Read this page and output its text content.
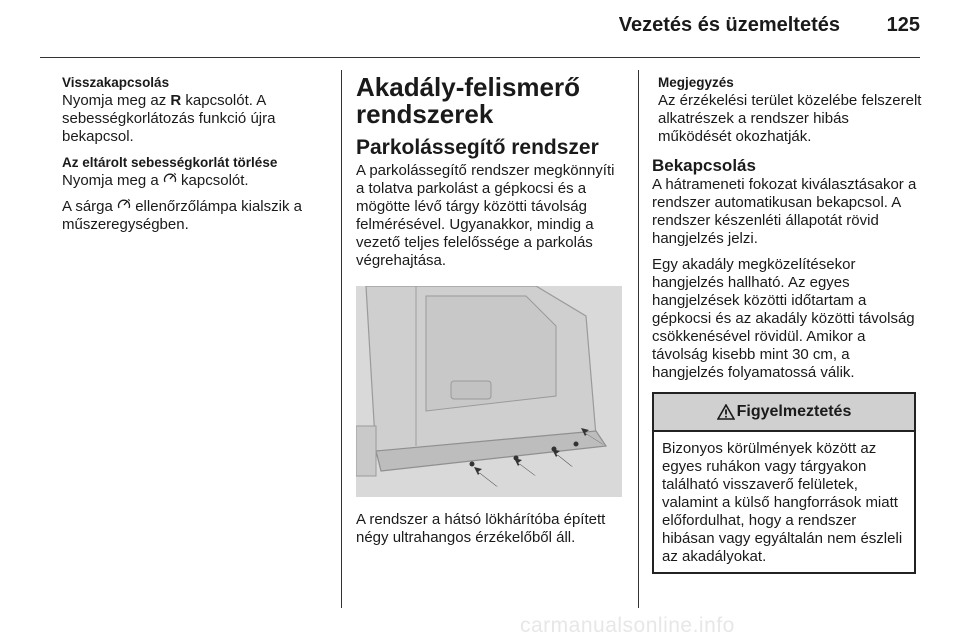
Vezetés és üzemeltetés	125

Visszakapcsolás
Nyomja meg az R kapcsolót. A sebességkorlátozás funkció újra bekapcsol.

Az eltárolt sebességkorlát törlése
Nyomja meg a  kapcsolót.

A sárga  ellenőrzőlámpa kialszik a műszeregységben.

Akadály-felismerő rendszerek
Parkolássegítő rendszer

A parkolássegítő rendszer megkönnyíti a tolatva parkolást a gépkocsi és a mögötte lévő tárgy közötti távolság felmérésével. Ugyanakkor, mindig a vezető teljes felelőssége a parkolás végrehajtása.

A rendszer a hátsó lökhárítóba épített négy ultrahangos érzékelőből áll.

Megjegyzés
Az érzékelési terület közelébe felszerelt alkatrészek a rendszer hibás működését okozhatják.
Bekapcsolás

A hátrameneti fokozat kiválasztásakor a rendszer automatikusan bekapcsol. A rendszer készenléti állapotát rövid hangjelzés jelzi.

Egy akadály megközelítésekor hangjelzés hallható. Az egyes hangjelzések közötti időtartam a gépkocsi és az akadály közötti távolság csökkenésével rövidül. Amikor a távolság kisebb mint 30 cm, a hangjelzés folyamatossá válik.

Figyelmeztetés
Bizonyos körülmények között az egyes ruhákon vagy tárgyakon található visszaverő felületek, valamint a külső hangforrások miatt előfordulhat, hogy a rendszer hibásan vagy egyáltalán nem észleli az akadályokat.
carmanualsonline.info
